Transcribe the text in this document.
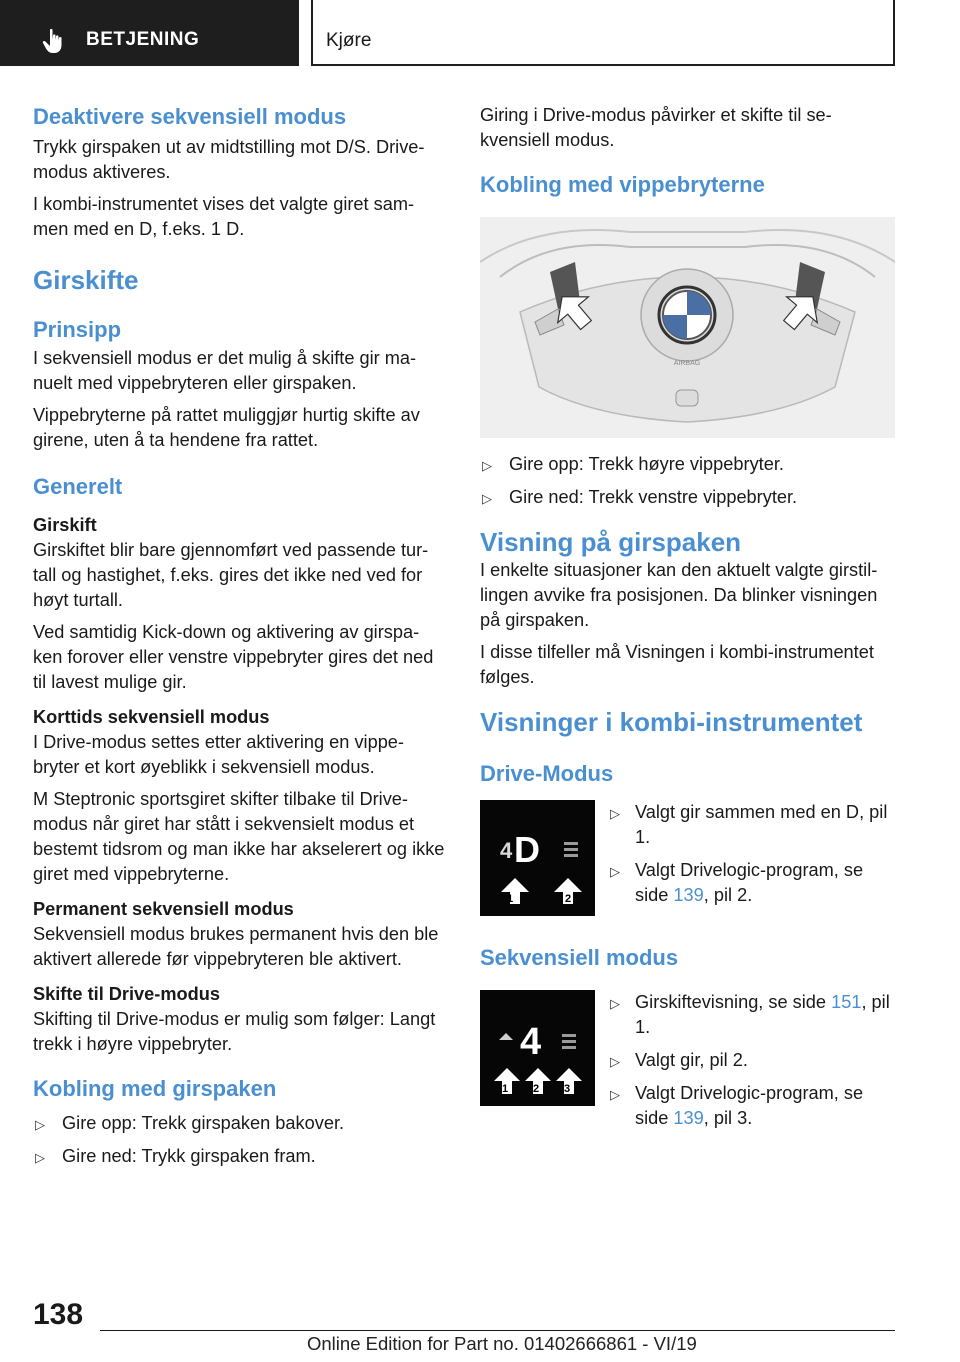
BETJENING	Kjøre
Deaktivere sekvensiell modus

Trykk girspaken ut av midtstilling mot D/S. Drive-modus aktiveres.

I kombi-instrumentet vises det valgte giret sam-men med en D, f.eks. 1 D.

Girskifte
Prinsipp

I sekvensiell modus er det mulig å skifte gir ma-nuelt med vippebryteren eller girspaken.

Vippebryterne på rattet muliggjør hurtig skifte av girene, uten å ta hendene fra rattet.

Generelt
Girskift

Girskiftet blir bare gjennomført ved passende tur-tall og hastighet, f.eks. gires det ikke ned ved for høyt turtall.

Ved samtidig Kick-down og aktivering av girspa-ken forover eller venstre vippebryter gires det ned til lavest mulige gir.

Korttids sekvensiell modus

I Drive-modus settes etter aktivering en vippe-bryter et kort øyeblikk i sekvensiell modus.

M Steptronic sportsgiret skifter tilbake til Drive-modus når giret har stått i sekvensielt modus et bestemt tidsrom og man ikke har akselerert og ikke giret med vippebryterne.

Permanent sekvensiell modus

Sekvensiell modus brukes permanent hvis den ble aktivert allerede før vippebryteren ble aktivert.

Skifte til Drive-modus

Skifting til Drive-modus er mulig som følger: Langt trekk i høyre vippebryter.

Kobling med girspaken
▷ Gire opp: Trekk girspaken bakover.
▷ Gire ned: Trykk girspaken fram.

Giring i Drive-modus påvirker et skifte til se-kvensiell modus.

Kobling med vippebryterne
AIRBAG
▷ Gire opp: Trekk høyre vippebryter.
▷ Gire ned: Trekk venstre vippebryter.
Visning på girspaken

I enkelte situasjoner kan den aktuelt valgte girstil-lingen avvike fra posisjonen. Da blinker visningen på girspaken.

I disse tilfeller må Visningen i kombi-instrumentet følges.

Visninger i kombi-instrumentet
Drive-Modus
4 D
1	2
▷ Valgt gir sammen med en D, pil 1.
▷ Valgt Drivelogic-program, se side 139, pil 2.
Sekvensiell modus
4
1 2 3
▷ Girskiftevisning, se side 151, pil 1.
▷ Valgt gir, pil 2.
▷ Valgt Drivelogic-program, se side 139, pil 3.
138
Online Edition for Part no. 01402666861 - VI/19
